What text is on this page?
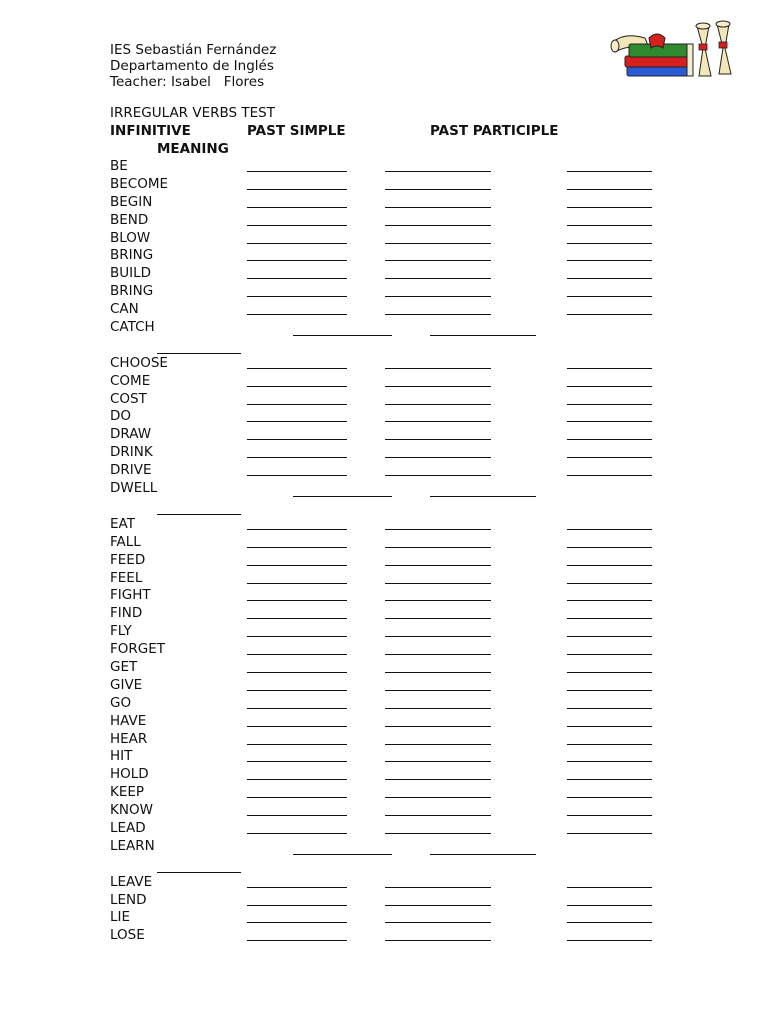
IES Sebastián Fernández
Departamento de Inglés
Teacher: Isabel   Flores
IRREGULAR VERBS TEST
INFINITIVE	PAST SIMPLE	PAST PARTICIPLE
MEANING
BE
BECOME
BEGIN
BEND
BLOW
BRING
BUILD
BRING
CAN
CATCH
CHOOSE
COME
COST
DO
DRAW
DRINK
DRIVE
DWELL
EAT
FALL
FEED
FEEL
FIGHT
FIND
FLY
FORGET
GET
GIVE
GO
HAVE
HEAR
HIT
HOLD
KEEP
KNOW
LEAD
LEARN
LEAVE
LEND
LIE
LOSE
